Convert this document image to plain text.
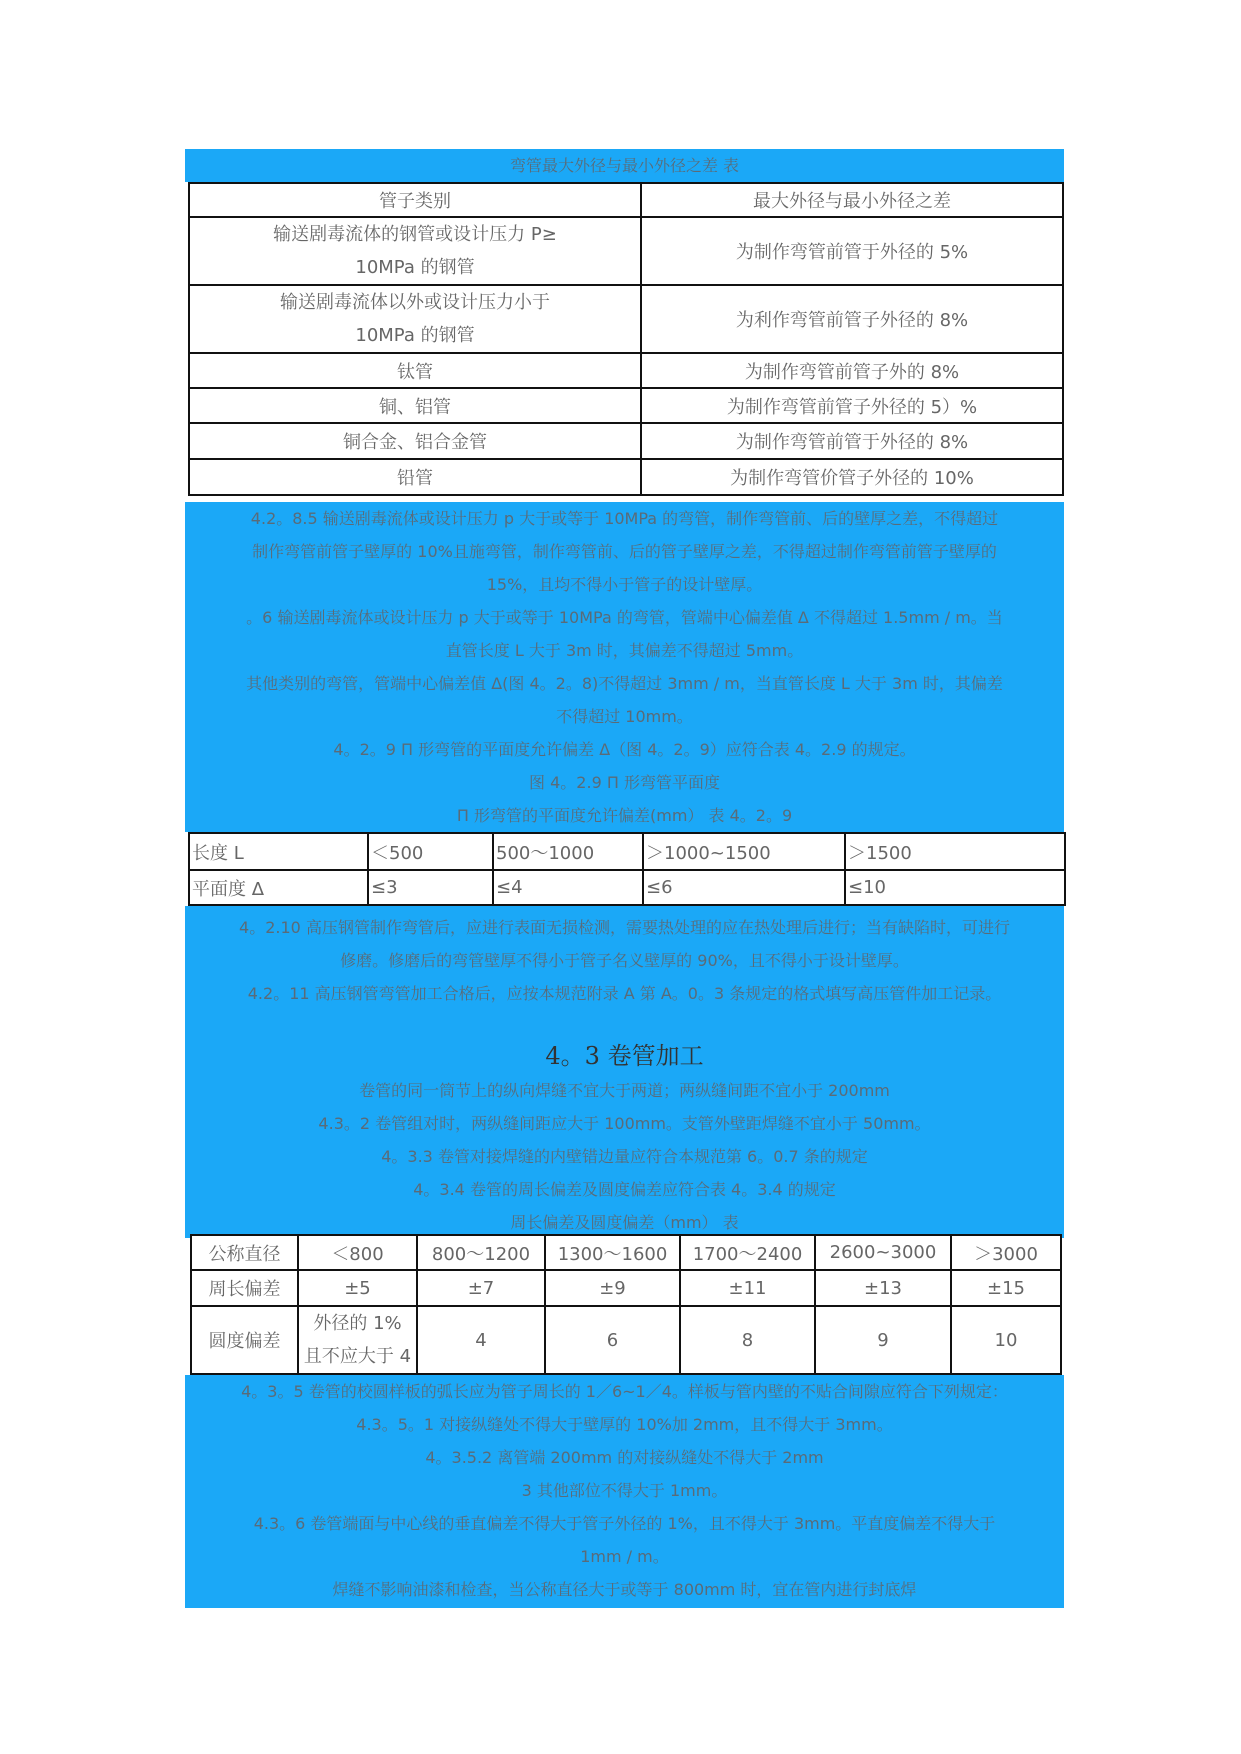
弯管最大外径与最小外径之差 表

管子类别	最大外径与最小外径之差
输送剧毒流体的钢管或设计压力 P≥
10MPa 的钢管	为制作弯管前管于外径的 5%
输送剧毒流体以外或设计压力小于
10MPa 的钢管	为利作弯管前管子外径的 8%
钛管	为制作弯管前管子外的 8%
铜、铝管	为制作弯管前管子外径的 5）%
铜合金、铝合金管	为制作弯管前管于外径的 8%
铅管	为制作弯管价管子外径的 10%

4.2。8.5 输送剧毒流体或设计压力 p 大于或等于 10MPa 的弯管，制作弯管前、后的壁厚之差，不得超过

制作弯管前管子壁厚的 10%且施弯管，制作弯管前、后的管子壁厚之差，不得超过制作弯管前管子壁厚的

15%，且均不得小于管子的设计壁厚。

。6 输送剧毒流体或设计压力 p 大于或等于 10MPa 的弯管，管端中心偏差值 Δ 不得超过 1.5mm / m。当

直管长度 L 大于 3m 时，其偏差不得超过 5mm。

其他类别的弯管，管端中心偏差值 Δ(图 4。2。8)不得超过 3mm / m，当直管长度 L 大于 3m 时，其偏差

不得超过 10mm。

4。2。9 Π 形弯管的平面度允许偏差 Δ（图 4。2。9）应符合表 4。2.9 的规定。

图 4。2.9 Π 形弯管平面度

Π 形弯管的平面度允许偏差(mm） 表 4。2。9

长度 L	＜500	500～1000	＞1000~1500	＞1500
平面度 Δ	≤3	≤4	≤6	≤10

4。2.10 高压钢管制作弯管后，应进行表面无损检测，需要热处理的应在热处理后进行；当有缺陷时，可进行

修磨。修磨后的弯管壁厚不得小于管子名义壁厚的 90%，且不得小于设计壁厚。

4.2。11 高压钢管弯管加工合格后，应按本规范附录 A 第 A。0。3 条规定的格式填写高压管件加工记录。

4。3 卷管加工

卷管的同一筒节上的纵向焊缝不宜大于两道；两纵缝间距不宜小于 200mm

4.3。2 卷管组对时，两纵缝间距应大于 100mm。支管外壁距焊缝不宜小于 50mm。

4。3.3 卷管对接焊缝的内壁错边量应符合本规范第 6。0.7 条的规定

4。3.4 卷管的周长偏差及圆度偏差应符合表 4。3.4 的规定

周长偏差及圆度偏差（mm） 表

公称直径	＜800	800～1200	1300～1600	1700～2400	2600~3000	＞3000
周长偏差	±5	±7	±9	±11	±13	±15
圆度偏差	外径的 1%
且不应大于 4	4	6	8	9	10

4。3。5 卷管的校圆样板的弧长应为管子周长的 1／6~1／4。样板与管内壁的不贴合间隙应符合下列规定：

4.3。5。1 对接纵缝处不得大于壁厚的 10%加 2mm，且不得大于 3mm。

4。3.5.2 离管端 200mm 的对接纵缝处不得大于 2mm

3 其他部位不得大于 1mm。

4.3。6 卷管端面与中心线的垂直偏差不得大于管子外径的 1%，且不得大于 3mm。平直度偏差不得大于

1mm / m。

焊缝不影响油漆和检查，当公称直径大于或等于 800mm 时，宜在管内进行封底焊
